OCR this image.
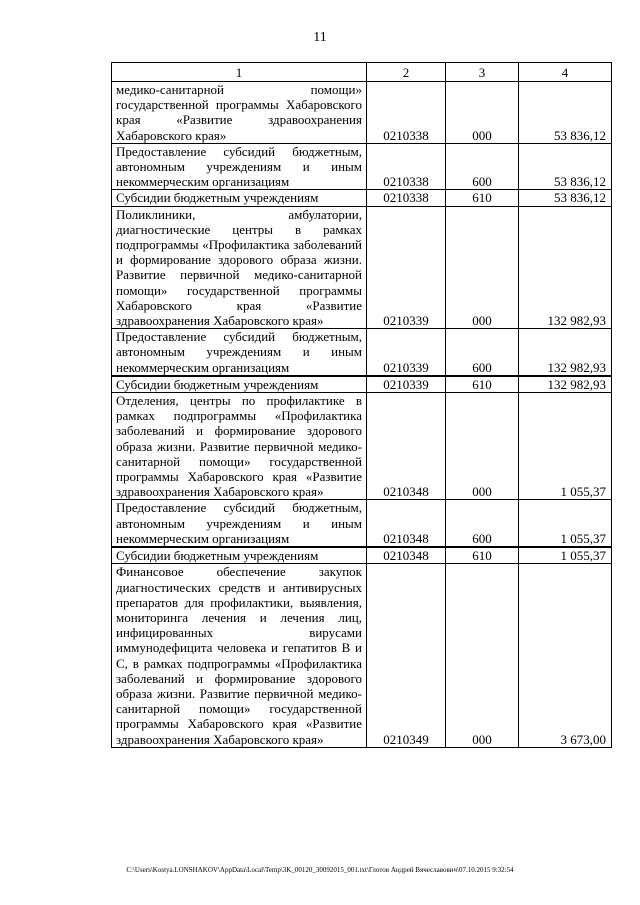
11
1	2	3	4
медико-санитарной помощи» государственной программы Хабаровского края «Развитие здравоохранения Хабаровского края»	0210338	000	53 836,12
Предоставление субсидий бюджетным, автономным учреждениям и иным некоммерческим организациям	0210338	600	53 836,12
Субсидии бюджетным учреждениям	0210338	610	53 836,12
Поликлиники, амбулатории, диагностические центры в рамках подпрограммы «Профилактика заболеваний и формирование здорового образа жизни. Развитие первичной медико-санитарной помощи» государственной программы Хабаровского края «Развитие здравоохранения Хабаровского края»	0210339	000	132 982,93
Предоставление субсидий бюджетным, автономным учреждениям и иным некоммерческим организациям	0210339	600	132 982,93
Субсидии бюджетным учреждениям	0210339	610	132 982,93
Отделения, центры по профилактике в рамках подпрограммы «Профилактика заболеваний и формирование здорового образа жизни. Развитие первичной медико-санитарной помощи» государственной программы Хабаровского края «Развитие здравоохранения Хабаровского края»	0210348	000	1 055,37
Предоставление субсидий бюджетным, автономным учреждениям и иным некоммерческим организациям	0210348	600	1 055,37
Субсидии бюджетным учреждениям	0210348	610	1 055,37
Финансовое обеспечение закупок диагностических средств и антивирусных препаратов для профилактики, выявления, мониторинга лечения и лечения лиц, инфицированных вирусами иммунодефицита человека и гепатитов В и С, в рамках подпрограммы «Профилактика заболеваний и формирование здорового образа жизни. Развитие первичной медико-санитарной помощи» государственной программы Хабаровского края «Развитие здравоохранения Хабаровского края»	0210349	000	3 673,00
C:\Users\Kostya.LONSHAKOV\AppData\Local\Temp\3K_00120_30092015_001.txt\Глотов Андрей Вячеславович\07.10.2015 9:32:54
